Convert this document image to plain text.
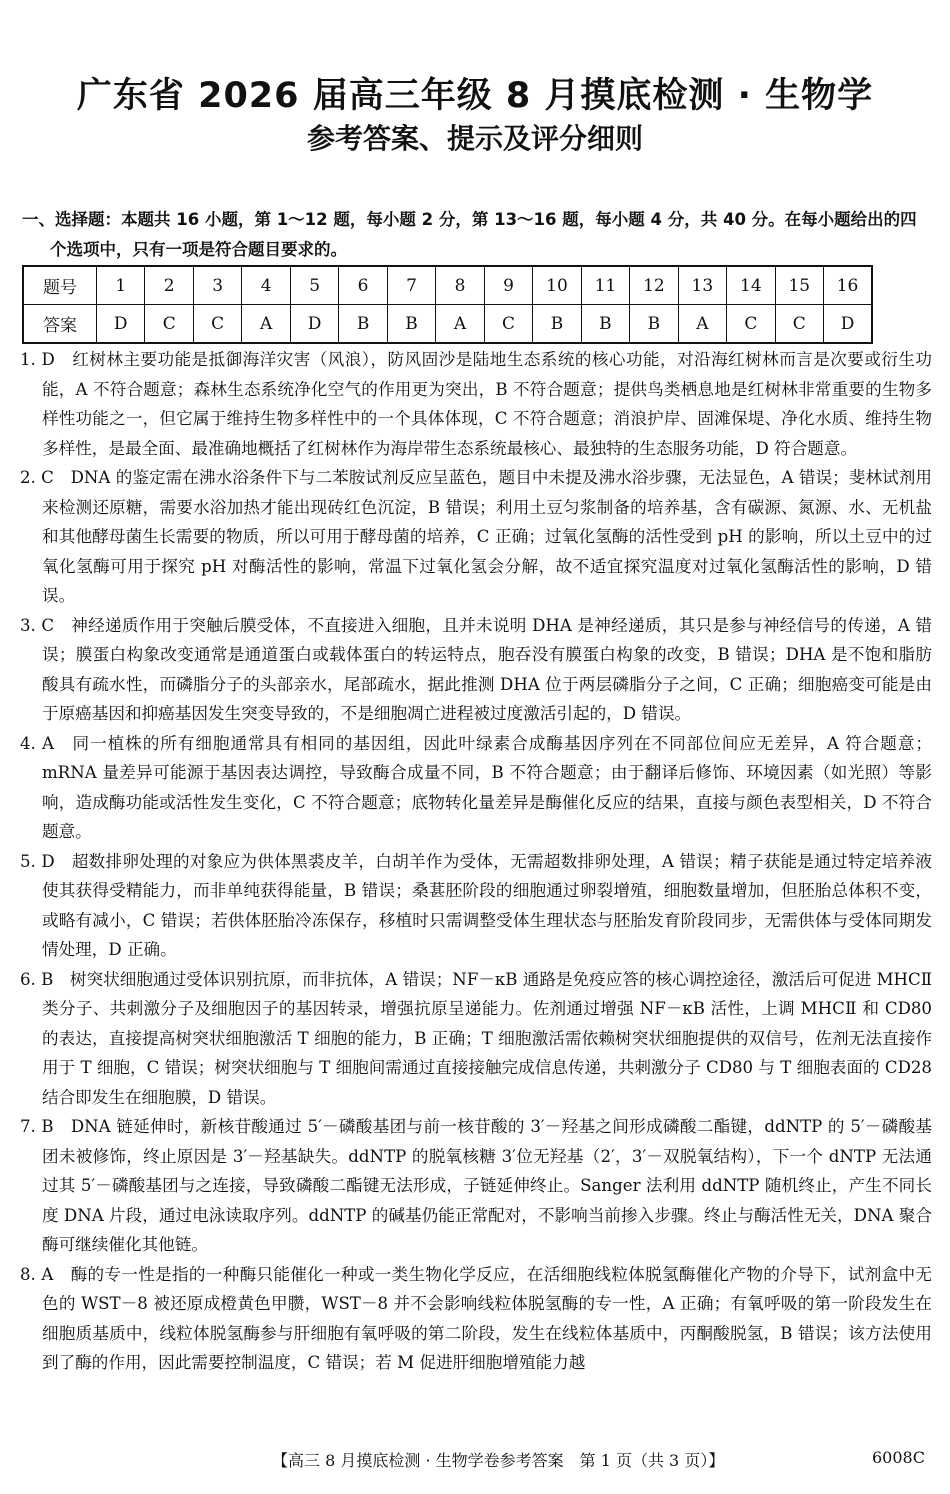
广东省 2026 届高三年级 8 月摸底检测 · 生物学
参考答案、提示及评分细则
一、选择题：本题共 16 小题，第 1～12 题，每小题 2 分，第 13～16 题，每小题 4 分，共 40 分。在每小题给出的四
个选项中，只有一项是符合题目要求的。
题号	1	2	3	4	5	6	7	8	9	10	11	12	13	14	15	16
答案	D	C	C	A	D	B	B	A	C	B	B	B	A	C	C	D

1. D　 红树林主要功能是抵御海洋灾害（风浪），防风固沙是陆地生态系统的核心功能，对沿海红树林而言是次要或衍生功能，A 不符合题意；森林生态系统净化空气的作用更为突出，B 不符合题意；提供鸟类栖息地是红树林非常重要的生物多样性功能之一，但它属于维持生物多样性中的一个具体体现，C 不符合题意；消浪护岸、固滩保堤、净化水质、维持生物多样性，是最全面、最准确地概括了红树林作为海岸带生态系统最核心、最独特的生态服务功能，D 符合题意。

2. C　 DNA 的鉴定需在沸水浴条件下与二苯胺试剂反应呈蓝色，题目中未提及沸水浴步骤，无法显色，A 错误；斐林试剂用来检测还原糖，需要水浴加热才能出现砖红色沉淀，B 错误；利用土豆匀浆制备的培养基，含有碳源、氮源、水、无机盐和其他酵母菌生长需要的物质，所以可用于酵母菌的培养，C 正确；过氧化氢酶的活性受到 pH 的影响，所以土豆中的过氧化氢酶可用于探究 pH 对酶活性的影响，常温下过氧化氢会分解，故不适宜探究温度对过氧化氢酶活性的影响，D 错误。

3. C　 神经递质作用于突触后膜受体，不直接进入细胞，且并未说明 DHA 是神经递质，其只是参与神经信号的传递，A 错误；膜蛋白构象改变通常是通道蛋白或载体蛋白的转运特点，胞吞没有膜蛋白构象的改变，B 错误；DHA 是不饱和脂肪酸具有疏水性，而磷脂分子的头部亲水，尾部疏水，据此推测 DHA 位于两层磷脂分子之间，C 正确；细胞癌变可能是由于原癌基因和抑癌基因发生突变导致的，不是细胞凋亡进程被过度激活引起的，D 错误。

4. A　 同一植株的所有细胞通常具有相同的基因组，因此叶绿素合成酶基因序列在不同部位间应无差异，A 符合题意；mRNA 量差异可能源于基因表达调控，导致酶合成量不同，B 不符合题意；由于翻译后修饰、环境因素（如光照）等影响，造成酶功能或活性发生变化，C 不符合题意；底物转化量差异是酶催化反应的结果，直接与颜色表型相关，D 不符合题意。

5. D　 超数排卵处理的对象应为供体黑裘皮羊，白胡羊作为受体，无需超数排卵处理，A 错误；精子获能是通过特定培养液使其获得受精能力，而非单纯获得能量，B 错误；桑葚胚阶段的细胞通过卵裂增殖，细胞数量增加，但胚胎总体积不变，或略有减小，C 错误；若供体胚胎冷冻保存，移植时只需调整受体生理状态与胚胎发育阶段同步，无需供体与受体同期发情处理，D 正确。

6. B　 树突状细胞通过受体识别抗原，而非抗体，A 错误；NF－κB 通路是免疫应答的核心调控途径，激活后可促进 MHCⅡ 类分子、共刺激分子及细胞因子的基因转录，增强抗原呈递能力。佐剂通过增强 NF－κB 活性，上调 MHCⅡ 和 CD80 的表达，直接提高树突状细胞激活 T 细胞的能力，B 正确；T 细胞激活需依赖树突状细胞提供的双信号，佐剂无法直接作用于 T 细胞，C 错误；树突状细胞与 T 细胞间需通过直接接触完成信息传递，共刺激分子 CD80 与 T 细胞表面的 CD28 结合即发生在细胞膜，D 错误。

7. B　 DNA 链延伸时，新核苷酸通过 5′－磷酸基团与前一核苷酸的 3′－羟基之间形成磷酸二酯键，ddNTP 的 5′－磷酸基团未被修饰，终止原因是 3′－羟基缺失。ddNTP 的脱氧核糖 3′位无羟基（2′，3′－双脱氧结构），下一个 dNTP 无法通过其 5′－磷酸基团与之连接，导致磷酸二酯键无法形成，子链延伸终止。Sanger 法利用 ddNTP 随机终止，产生不同长度 DNA 片段，通过电泳读取序列。ddNTP 的碱基仍能正常配对，不影响当前掺入步骤。终止与酶活性无关，DNA 聚合酶可继续催化其他链。

8. A　 酶的专一性是指的一种酶只能催化一种或一类生物化学反应，在活细胞线粒体脱氢酶催化产物的介导下，试剂盒中无色的 WST－8 被还原成橙黄色甲臜，WST－8 并不会影响线粒体脱氢酶的专一性，A 正确；有氧呼吸的第一阶段发生在细胞质基质中，线粒体脱氢酶参与肝细胞有氧呼吸的第二阶段，发生在线粒体基质中，丙酮酸脱氢，B 错误；该方法使用到了酶的作用，因此需要控制温度，C 错误；若 M 促进肝细胞增殖能力越

【高三 8 月摸底检测 · 生物学卷参考答案　第 1 页（共 3 页）】	6008C
